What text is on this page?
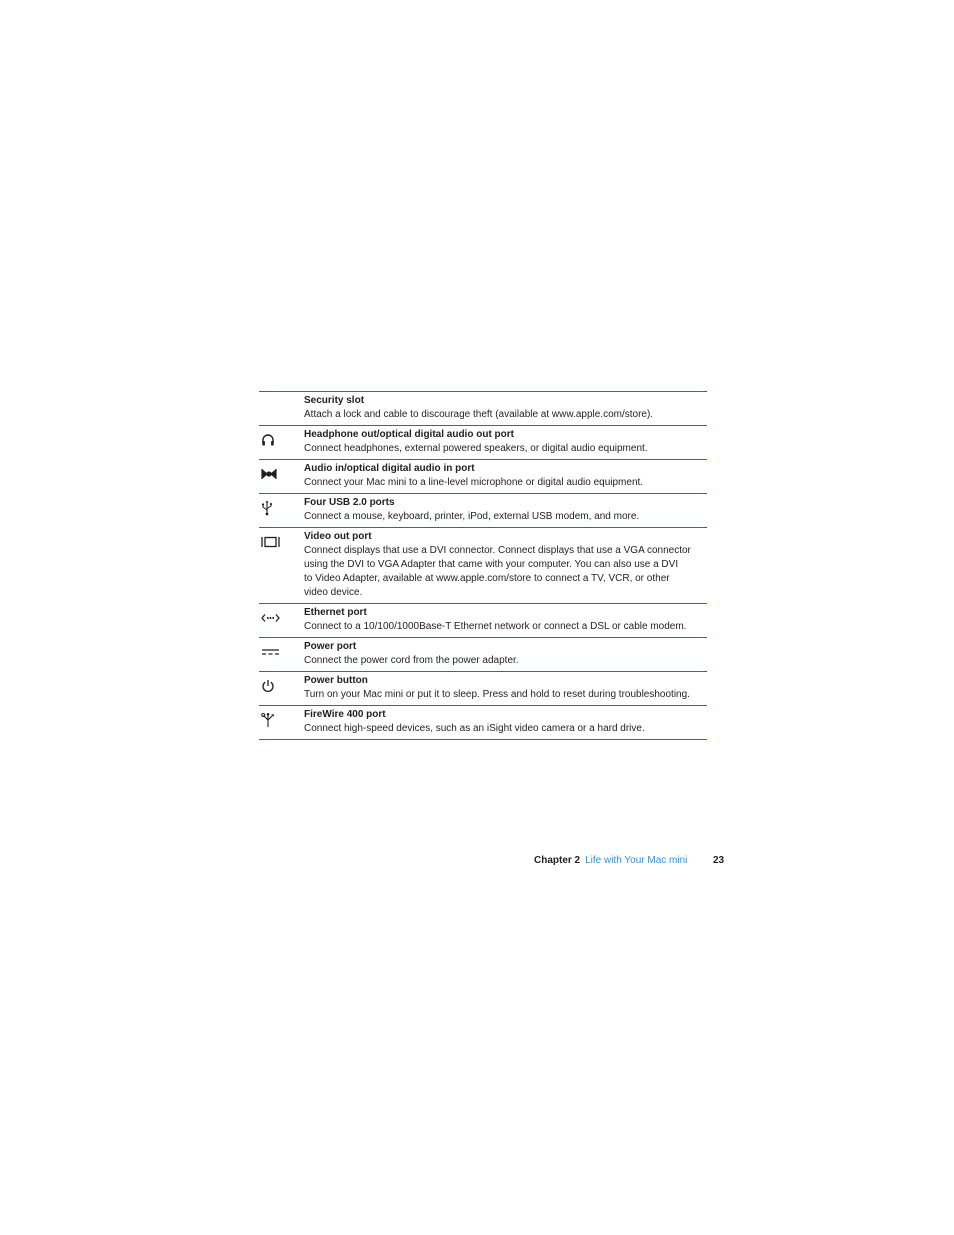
Security slot
Attach a lock and cable to discourage theft (available at www.apple.com/store).
Headphone out/optical digital audio out port
Connect headphones, external powered speakers, or digital audio equipment.
Audio in/optical digital audio in port
Connect your Mac mini to a line-level microphone or digital audio equipment.
Four USB 2.0 ports
Connect a mouse, keyboard, printer, iPod, external USB modem, and more.
Video out port
Connect displays that use a DVI connector. Connect displays that use a VGA connector
using the DVI to VGA Adapter that came with your computer. You can also use a DVI
to Video Adapter, available at www.apple.com/store to connect a TV, VCR, or other
video device.
Ethernet port
Connect to a 10/100/1000Base-T Ethernet network or connect a DSL or cable modem.
Power port
Connect the power cord from the power adapter.
Power button
Turn on your Mac mini or put it to sleep. Press and hold to reset during troubleshooting.
FireWire 400 port
Connect high-speed devices, such as an iSight video camera or a hard drive.
Chapter 2 Life with Your Mac mini	23
